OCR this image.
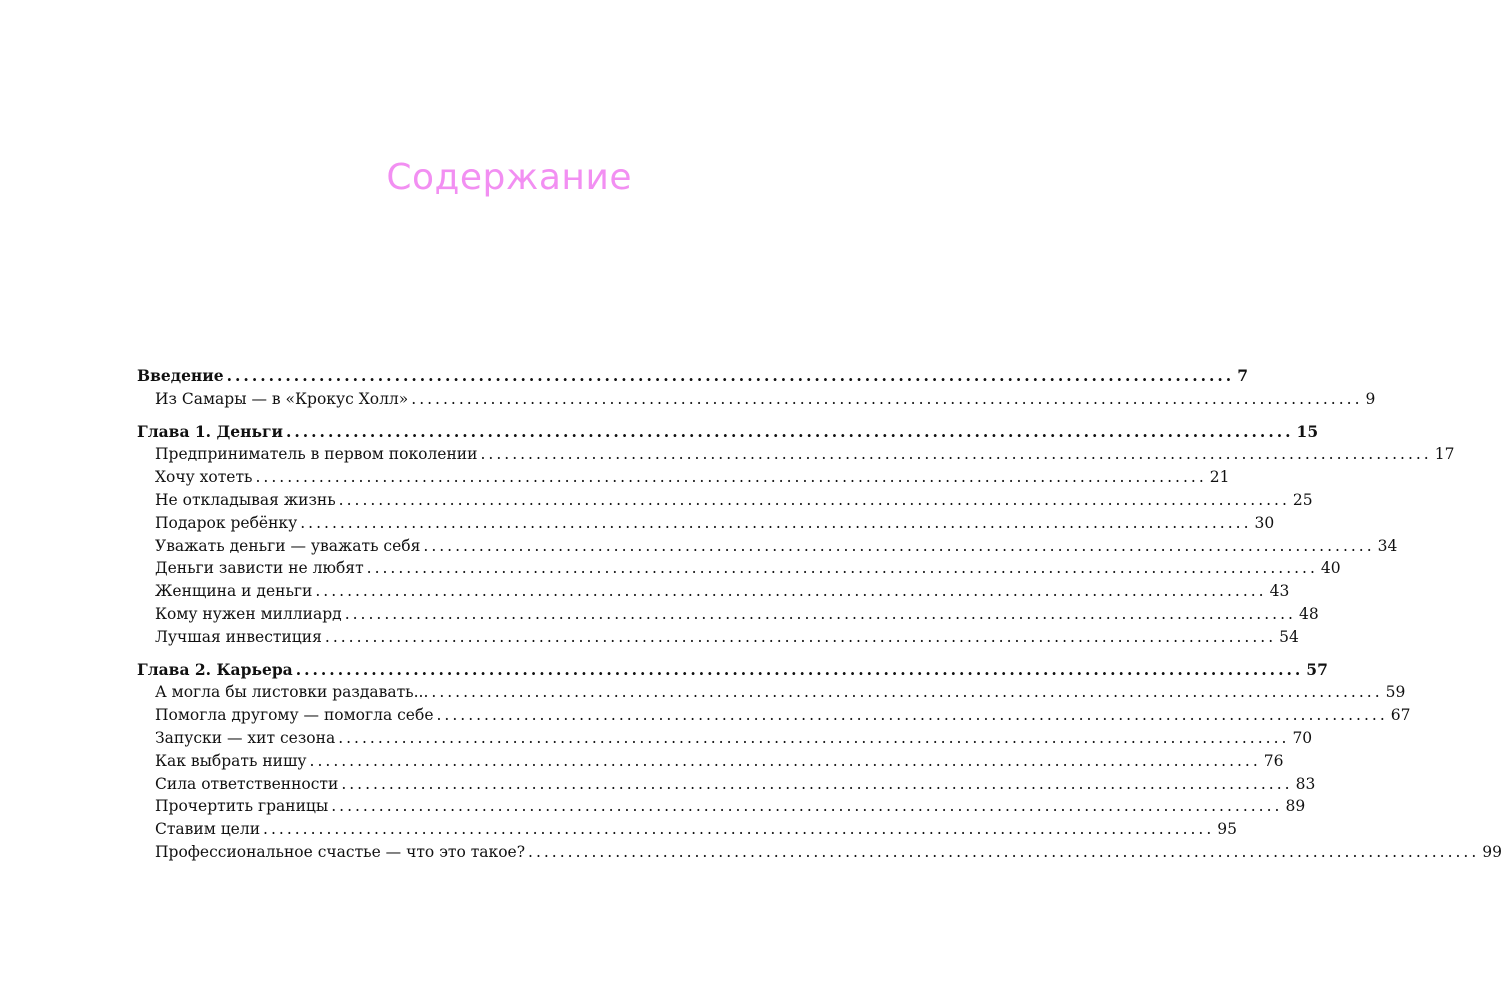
Содержание
Введение ........................................................................................................................ 7
Из Самары — в «Крокус Холл» ........................................................................................................................ 9
Глава 1. Деньги ........................................................................................................................ 15
Предприниматель в первом поколении ........................................................................................................................ 17
Хочу хотеть ........................................................................................................................ 21
Не откладывая жизнь ........................................................................................................................ 25
Подарок ребёнку ........................................................................................................................ 30
Уважать деньги — уважать себя ........................................................................................................................ 34
Деньги зависти не любят ........................................................................................................................ 40
Женщина и деньги ........................................................................................................................ 43
Кому нужен миллиард ........................................................................................................................ 48
Лучшая инвестиция ........................................................................................................................ 54
Глава 2. Карьера ........................................................................................................................ 57
А могла бы листовки раздавать... ........................................................................................................................ 59
Помогла другому — помогла себе ........................................................................................................................ 67
Запуски — хит сезона ........................................................................................................................ 70
Как выбрать нишу ........................................................................................................................ 76
Сила ответственности ........................................................................................................................ 83
Прочертить границы ........................................................................................................................ 89
Ставим цели ........................................................................................................................ 95
Профессиональное счастье — что это такое? ........................................................................................................................ 99
